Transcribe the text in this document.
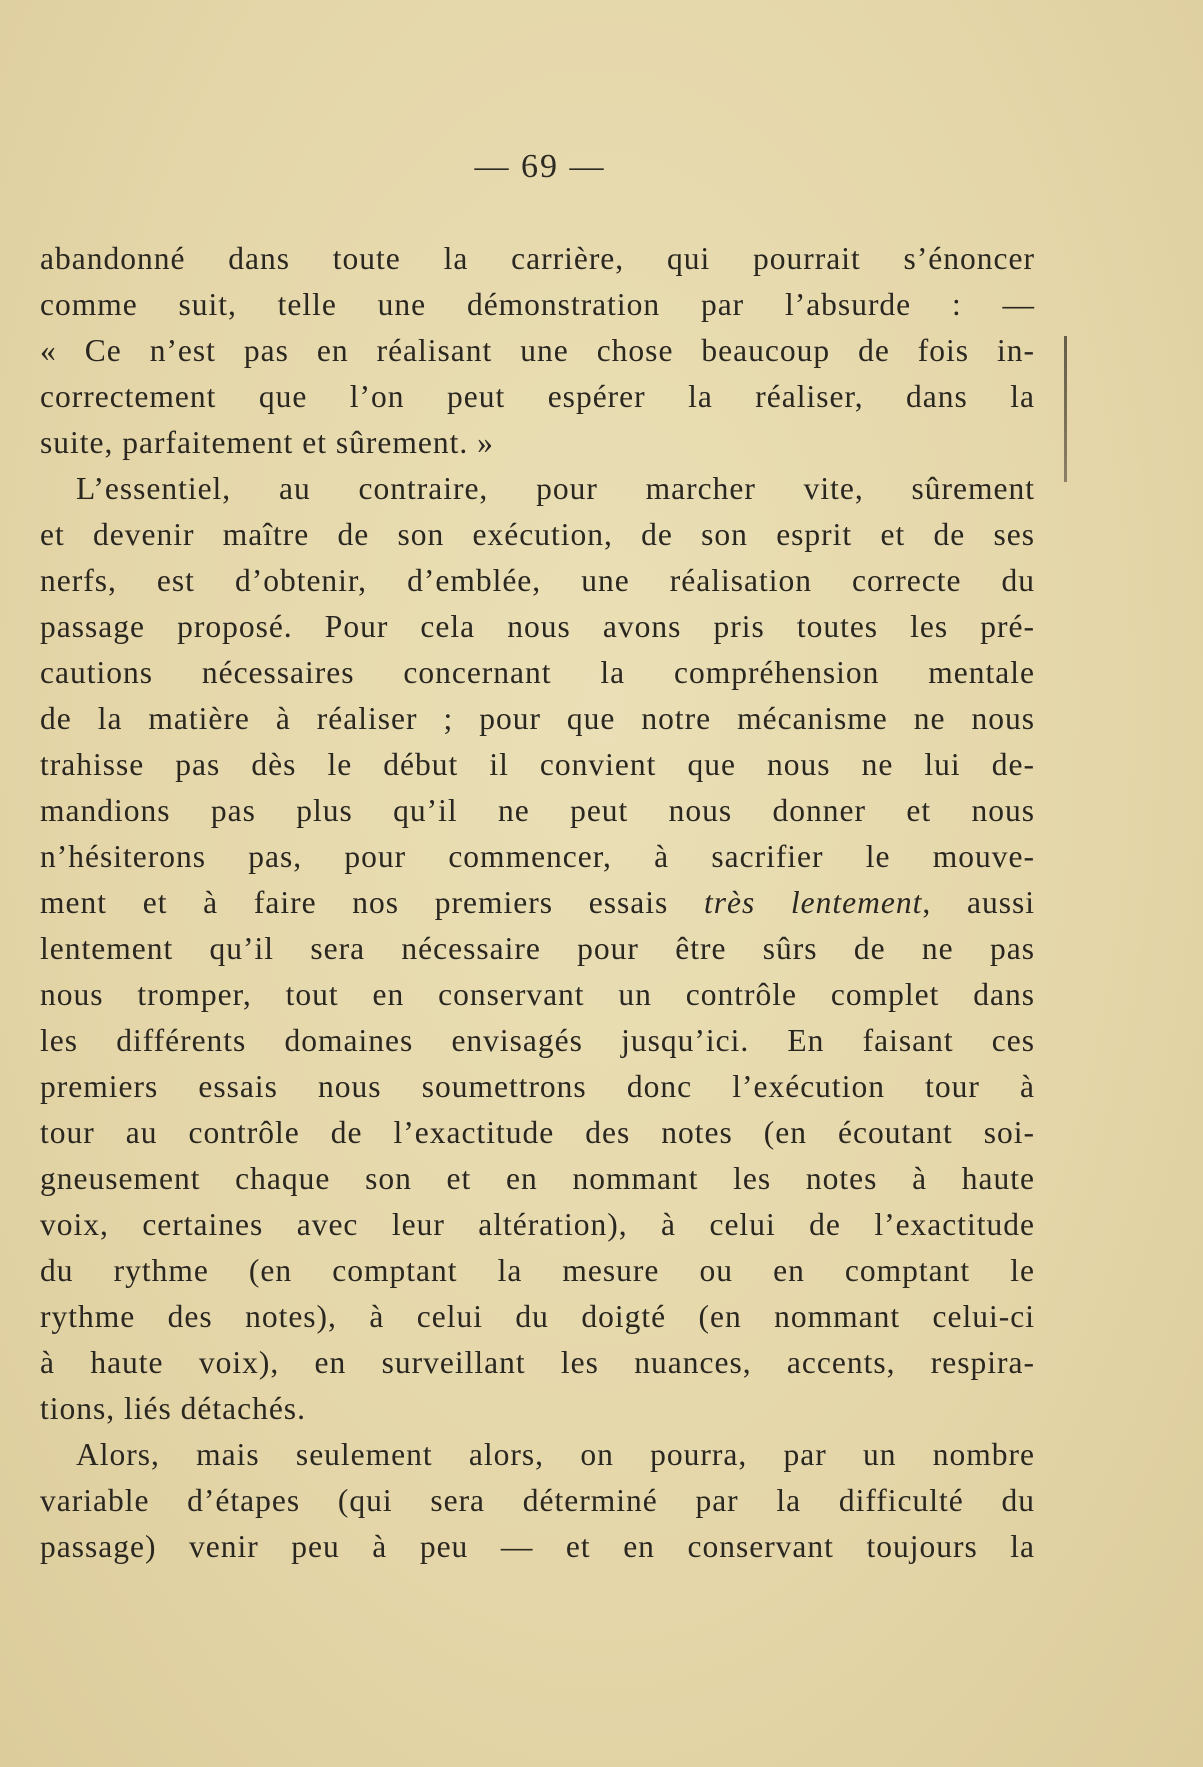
— 69 —
abandonné dans toute la carrière, qui pourrait s’énoncer
comme suit, telle une démonstration par l’absurde : —
« Ce n’est pas en réalisant une chose beaucoup de fois in-
correctement que l’on peut espérer la réaliser, dans la
suite, parfaitement et sûrement. »
L’essentiel, au contraire, pour marcher vite, sûrement
et devenir maître de son exécution, de son esprit et de ses
nerfs, est d’obtenir, d’emblée, une réalisation correcte du
passage proposé. Pour cela nous avons pris toutes les pré-
cautions nécessaires concernant la compréhension mentale
de la matière à réaliser ; pour que notre mécanisme ne nous
trahisse pas dès le début il convient que nous ne lui de-
mandions pas plus qu’il ne peut nous donner et nous
n’hésiterons pas, pour commencer, à sacrifier le mouve-
ment et à faire nos premiers essais très lentement, aussi
lentement qu’il sera nécessaire pour être sûrs de ne pas
nous tromper, tout en conservant un contrôle complet dans
les différents domaines envisagés jusqu’ici. En faisant ces
premiers essais nous soumettrons donc l’exécution tour à
tour au contrôle de l’exactitude des notes (en écoutant soi-
gneusement chaque son et en nommant les notes à haute
voix, certaines avec leur altération), à celui de l’exactitude
du rythme (en comptant la mesure ou en comptant le
rythme des notes), à celui du doigté (en nommant celui-ci
à haute voix), en surveillant les nuances, accents, respira-
tions, liés détachés.
Alors, mais seulement alors, on pourra, par un nombre
variable d’étapes (qui sera déterminé par la difficulté du
passage) venir peu à peu — et en conservant toujours la
